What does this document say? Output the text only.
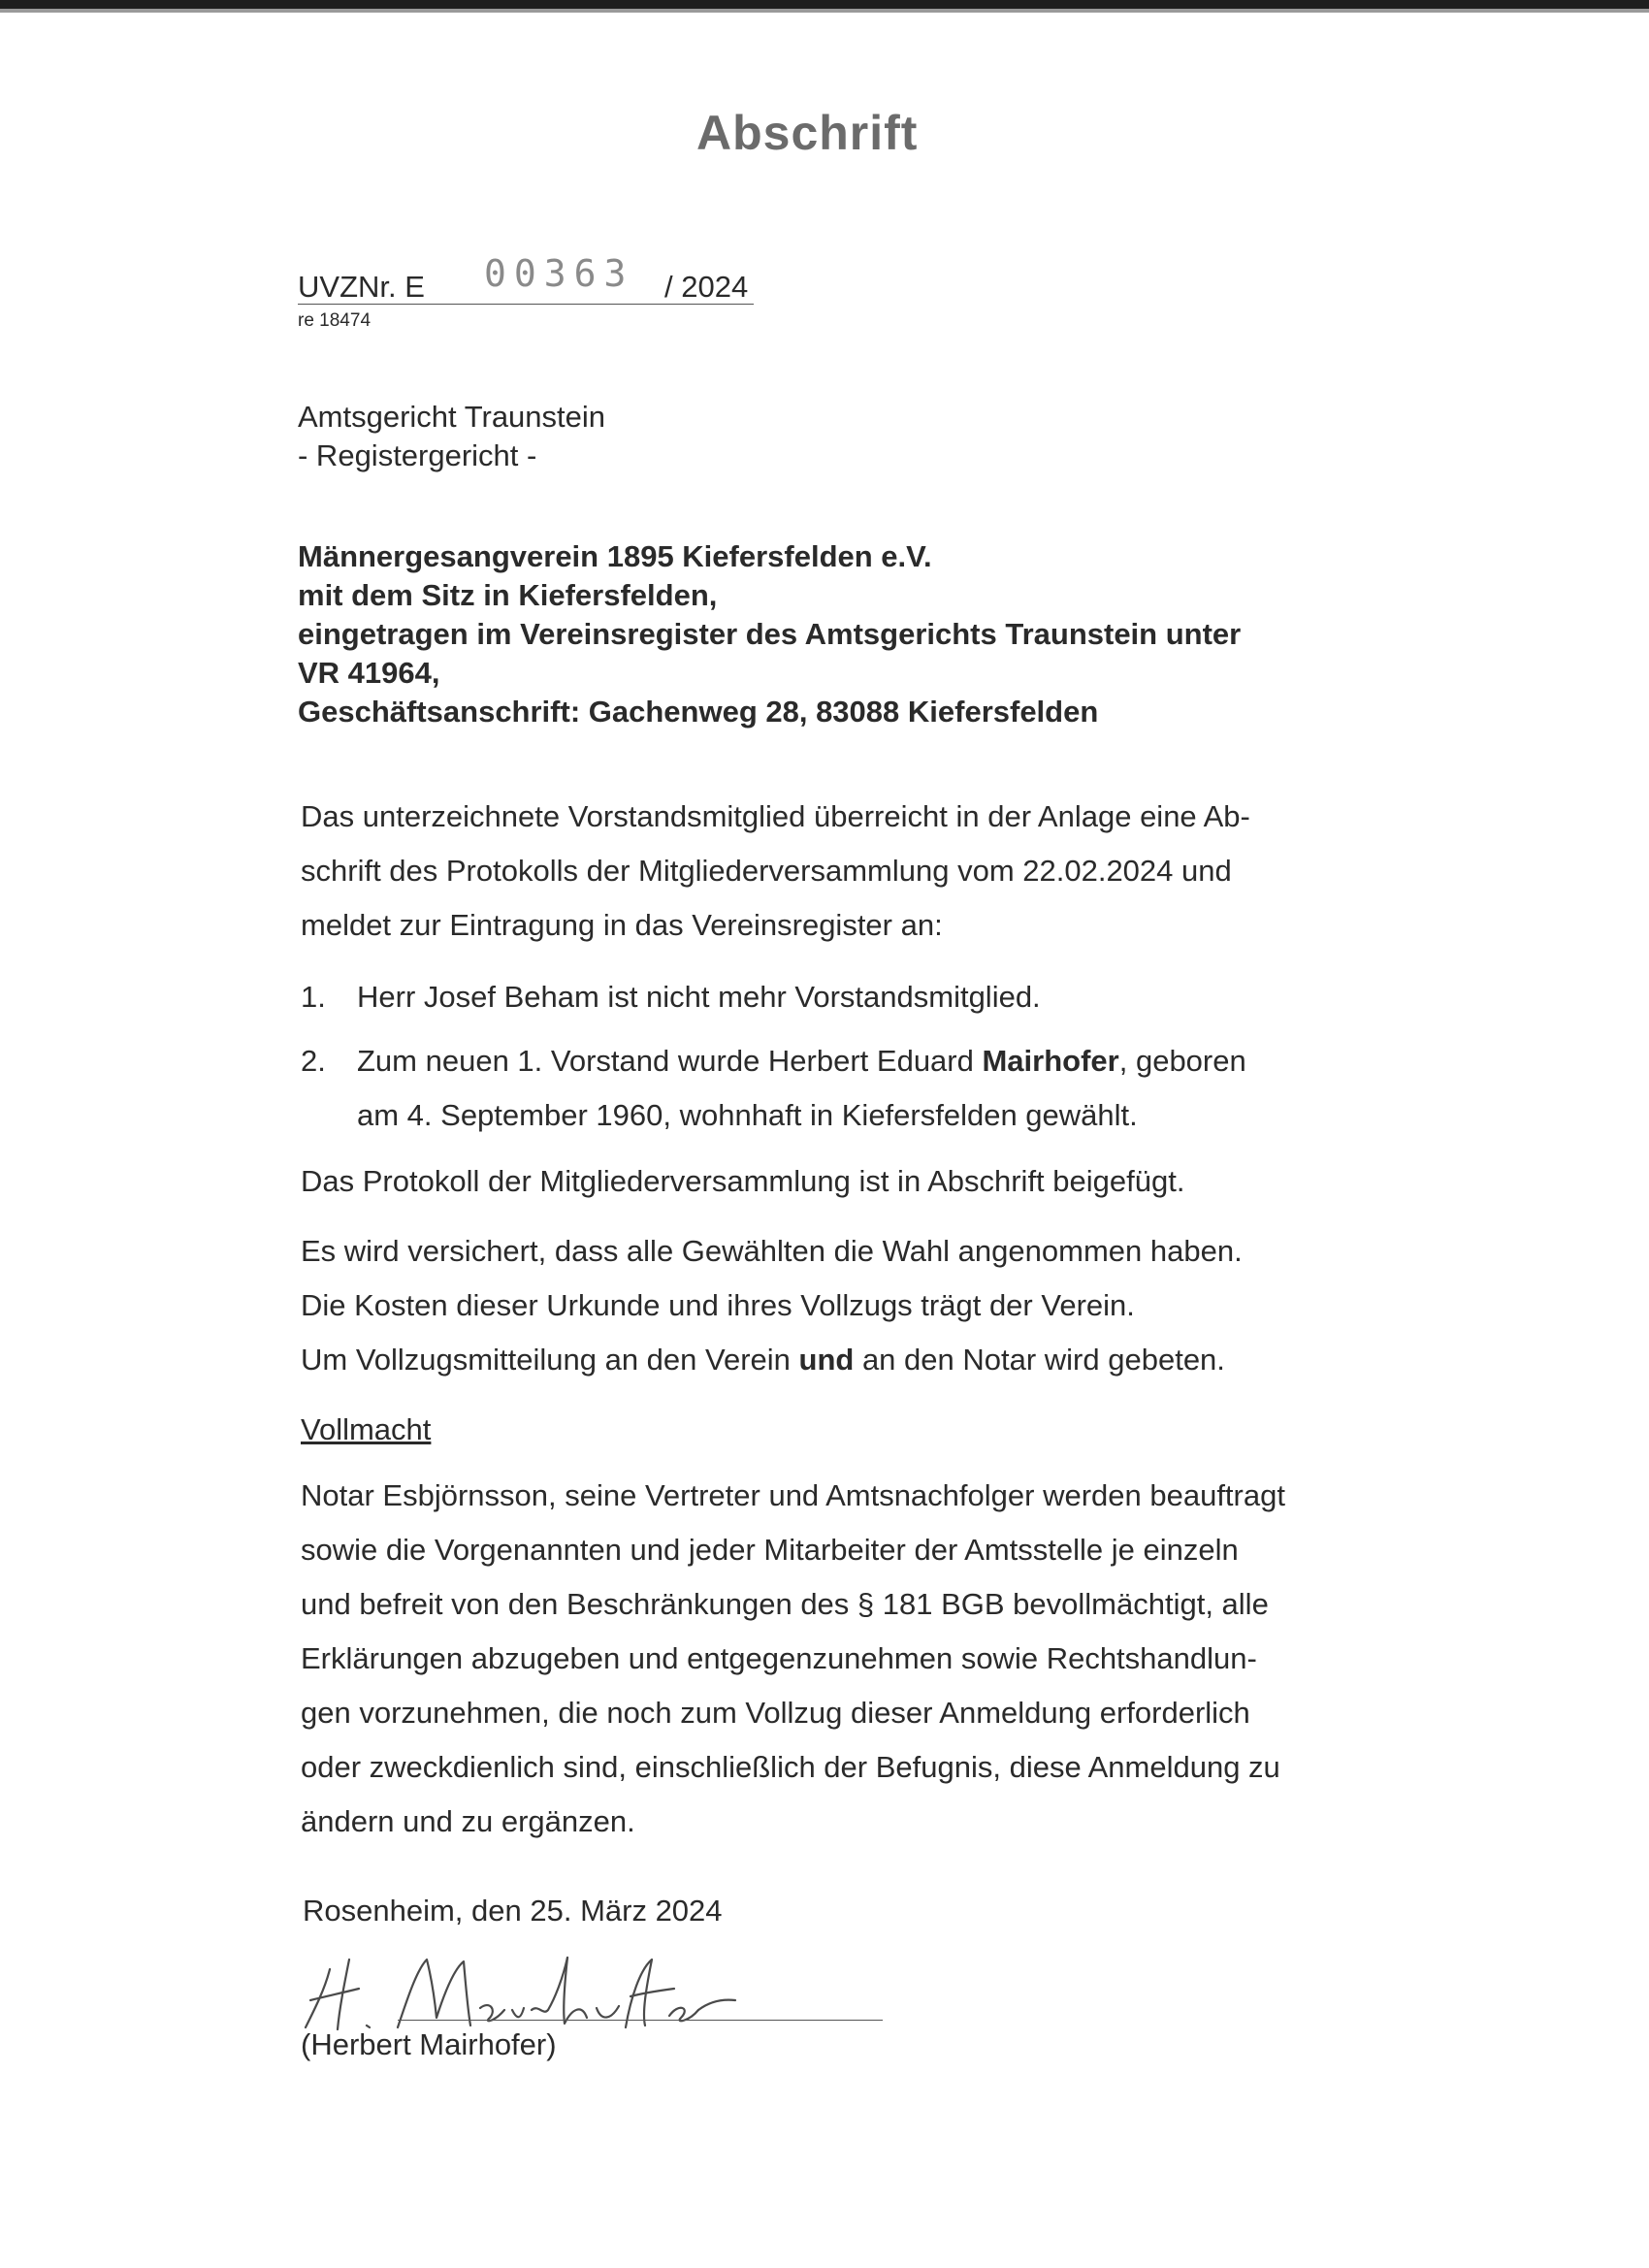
Abschrift
UVZNr. E 00363 / 2024
re 18474
Amtsgericht Traunstein
- Registergericht -
Männergesangverein 1895 Kiefersfelden e.V.
mit dem Sitz in Kiefersfelden,
eingetragen im Vereinsregister des Amtsgerichts Traunstein unter
VR 41964,
Geschäftsanschrift: Gachenweg 28, 83088 Kiefersfelden
Das unterzeichnete Vorstandsmitglied überreicht in der Anlage eine Ab-
schrift des Protokolls der Mitgliederversammlung vom 22.02.2024 und
meldet zur Eintragung in das Vereinsregister an:
1. Herr Josef Beham ist nicht mehr Vorstandsmitglied.
2. Zum neuen 1. Vorstand wurde Herbert Eduard Mairhofer, geboren
am 4. September 1960, wohnhaft in Kiefersfelden gewählt.
Das Protokoll der Mitgliederversammlung ist in Abschrift beigefügt.
Es wird versichert, dass alle Gewählten die Wahl angenommen haben.
Die Kosten dieser Urkunde und ihres Vollzugs trägt der Verein.
Um Vollzugsmitteilung an den Verein und an den Notar wird gebeten.
Vollmacht
Notar Esbjörnsson, seine Vertreter und Amtsnachfolger werden beauftragt
sowie die Vorgenannten und jeder Mitarbeiter der Amtsstelle je einzeln
und befreit von den Beschränkungen des § 181 BGB bevollmächtigt, alle
Erklärungen abzugeben und entgegenzunehmen sowie Rechtshandlun-
gen vorzunehmen, die noch zum Vollzug dieser Anmeldung erforderlich
oder zweckdienlich sind, einschließlich der Befugnis, diese Anmeldung zu
ändern und zu ergänzen.
Rosenheim, den 25. März 2024
(Herbert Mairhofer)
